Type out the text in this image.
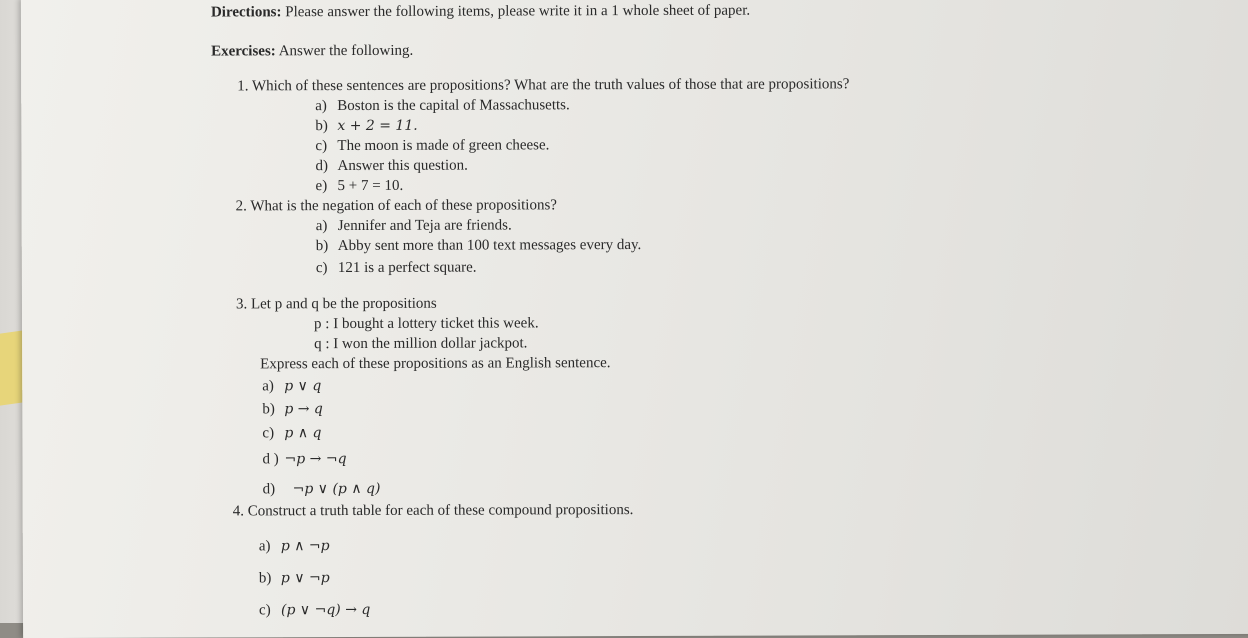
Directions: Please answer the following items, please write it in a 1 whole sheet of paper.
Exercises: Answer the following.
1. Which of these sentences are propositions? What are the truth values of those that are propositions?
a) Boston is the capital of Massachusetts.
b) x + 2 = 11.
c) The moon is made of green cheese.
d) Answer this question.
e) 5 + 7 = 10.
2. What is the negation of each of these propositions?
a) Jennifer and Teja are friends.
b) Abby sent more than 100 text messages every day.
c) 121 is a perfect square.
3. Let p and q be the propositions
p : I bought a lottery ticket this week.
q : I won the million dollar jackpot.
Express each of these propositions as an English sentence.
a) p ∨ q
b) p → q
c) p ∧ q
d ) ¬p → ¬q
d) ¬p ∨ (p ∧ q)
4. Construct a truth table for each of these compound propositions.
a) p ∧ ¬p
b) p ∨ ¬p
c) (p ∨ ¬q) → q
